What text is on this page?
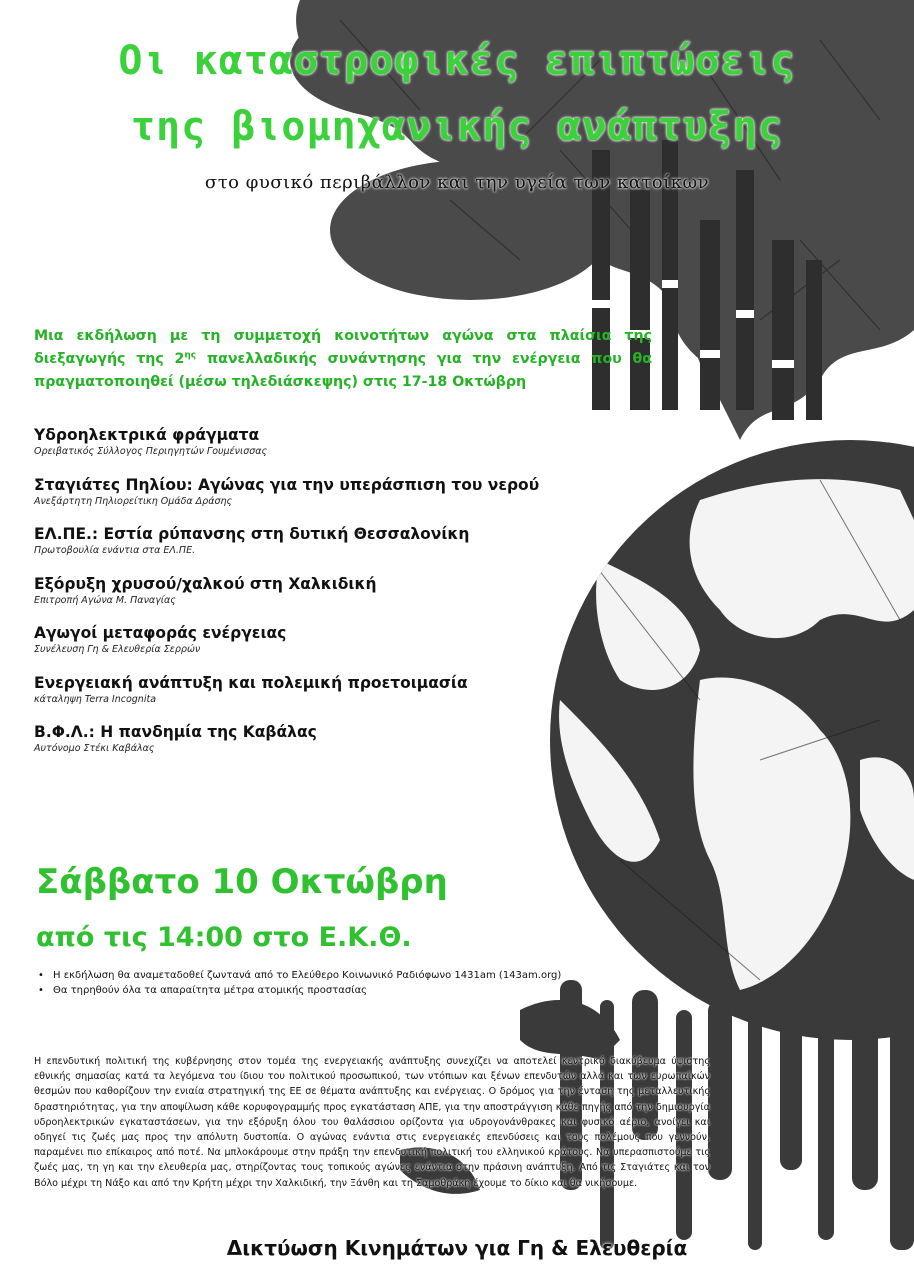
Οι καταστροφικές επιπτώσεις
της βιομηχανικής ανάπτυξης
στο φυσικό περιβάλλον και την υγεία των κατοίκων
Μια εκδήλωση με τη συμμετοχή κοινοτήτων αγώνα στα πλαίσια της διεξαγωγής της $2^{\eta\varsigma}$ πανελλαδικής συνάντησης για την ενέργεια που θα πραγματοποιηθεί (μέσω τηλεδιάσκεψης) στις 17-18 Οκτώβρη
Υδροηλεκτρικά φράγματα
Ορειβατικός Σύλλογος Περιηγητών Γουμένισσας
Σταγιάτες Πηλίου: Αγώνας για την υπεράσπιση του νερού
Ανεξάρτητη Πηλιορείτικη Ομάδα Δράσης
ΕΛ.ΠΕ.: Εστία ρύπανσης στη δυτική Θεσσαλονίκη
Πρωτοβουλία ενάντια στα ΕΛ.ΠΕ.
Εξόρυξη χρυσού/χαλκού στη Χαλκιδική
Επιτροπή Αγώνα Μ. Παναγίας
Αγωγοί μεταφοράς ενέργειας
Συνέλευση Γη & Ελευθερία Σερρών
Ενεργειακή ανάπτυξη και πολεμική προετοιμασία
κάταληψη Terra Incognita
Β.Φ.Λ.: Η πανδημία της Καβάλας
Αυτόνομο Στέκι Καβάλας
Σάββατο 10 Οκτώβρη
από τις 14:00 στο Ε.Κ.Θ.
• Η εκδήλωση θα αναμεταδοθεί ζωντανά από το Ελεύθερο Κοινωνικό Ραδιόφωνο 1431am (143am.org)
• Θα τηρηθούν όλα τα απαραίτητα μέτρα ατομικής προστασίας
Η επενδυτική πολιτική της κυβέρνησης στον τομέα της ενεργειακής ανάπτυξης συνεχίζει να αποτελεί κεντρικό διακύβευμα ύψιστης εθνικής σημασίας κατά τα λεγόμενα του ίδιου του πολιτικού προσωπικού, των ντόπιων και ξένων επενδυτών αλλά και των ευρωπαϊκών θεσμών που καθορίζουν την ενιαία στρατηγική της ΕΕ σε θέματα ανάπτυξης και ενέργειας. Ο δρόμος για την ένταση της μεταλλευτικής δραστηριότητας, για την αποψίλωση κάθε κορυφογραμμής προς εγκατάσταση ΑΠΕ, για την αποστράγγιση κάθε πηγής από την δημιουργία υδροηλεκτρικών εγκαταστάσεων, για την εξόρυξη όλου του θαλάσσιου ορίζοντα για υδρογονάνθρακες και φυσικό αέριο, ανοίγει και οδηγεί τις ζωές μας προς την απόλυτη δυστοπία. Ο αγώνας ενάντια στις ενεργειακές επενδύσεις και τους πολέμους που γεννούν, παραμένει πιο επίκαιρος από ποτέ. Να μπλοκάρουμε στην πράξη την επενδυτική πολιτική του ελληνικού κράτους. Να υπερασπιστούμε τις ζωές μας, τη γη και την ελευθερία μας, στηρίζοντας τους τοπικούς αγώνες ενάντια στην πράσινη ανάπτυξη. Από τις Σταγιάτες και τον Βόλο μέχρι τη Νάξο και από την Κρήτη μέχρι την Χαλκιδική, την Ξάνθη και τη Σαμοθράκη έχουμε το δίκιο και θα νικήσουμε.
Δικτύωση Κινημάτων για Γη & Ελευθερία
